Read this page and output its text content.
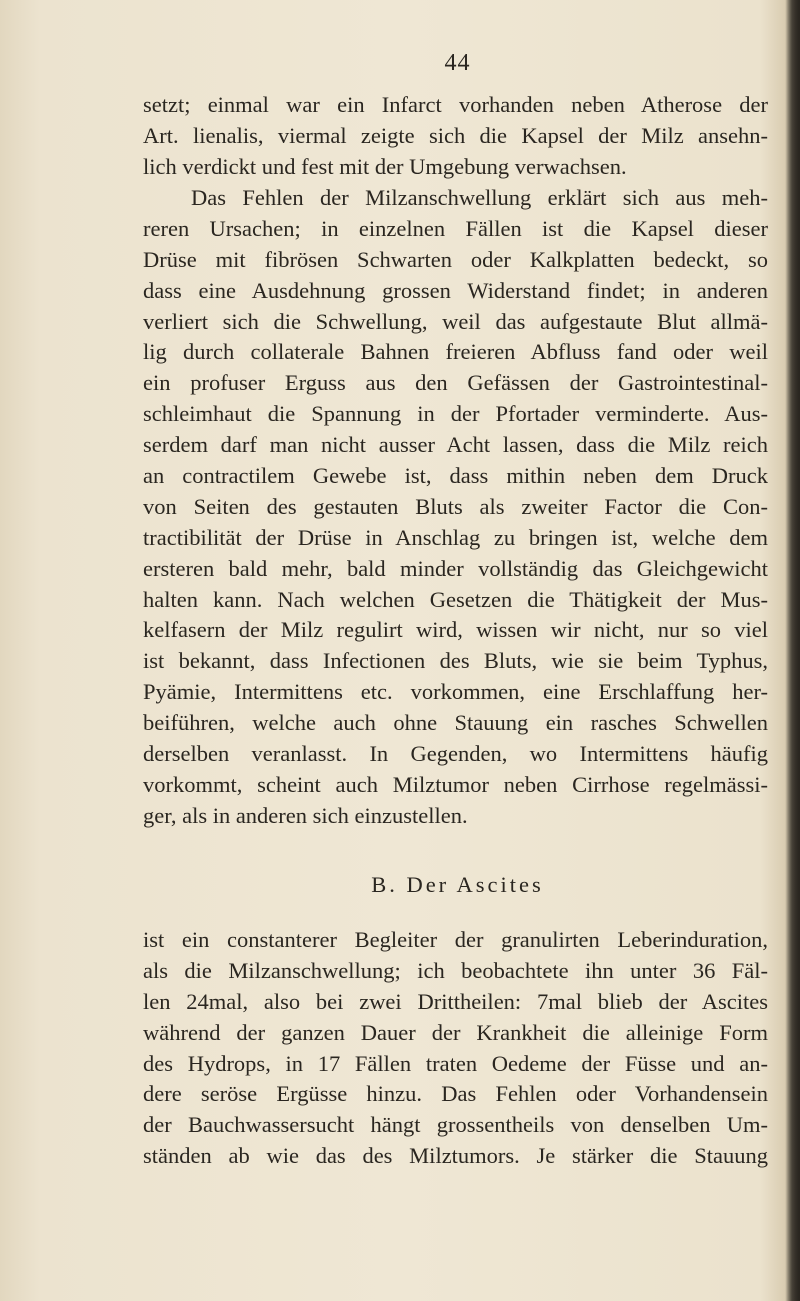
44
setzt; einmal war ein Infarct vorhanden neben Atherose der
Art. lienalis, viermal zeigte sich die Kapsel der Milz ansehn-
lich verdickt und fest mit der Umgebung verwachsen.
Das Fehlen der Milzanschwellung erklärt sich aus meh-
reren Ursachen; in einzelnen Fällen ist die Kapsel dieser
Drüse mit fibrösen Schwarten oder Kalkplatten bedeckt, so
dass eine Ausdehnung grossen Widerstand findet; in anderen
verliert sich die Schwellung, weil das aufgestaute Blut allmä-
lig durch collaterale Bahnen freieren Abfluss fand oder weil
ein profuser Erguss aus den Gefässen der Gastrointestinal-
schleimhaut die Spannung in der Pfortader verminderte. Aus-
serdem darf man nicht ausser Acht lassen, dass die Milz reich
an contractilem Gewebe ist, dass mithin neben dem Druck
von Seiten des gestauten Bluts als zweiter Factor die Con-
tractibilität der Drüse in Anschlag zu bringen ist, welche dem
ersteren bald mehr, bald minder vollständig das Gleichgewicht
halten kann. Nach welchen Gesetzen die Thätigkeit der Mus-
kelfasern der Milz regulirt wird, wissen wir nicht, nur so viel
ist bekannt, dass Infectionen des Bluts, wie sie beim Typhus,
Pyämie, Intermittens etc. vorkommen, eine Erschlaffung her-
beiführen, welche auch ohne Stauung ein rasches Schwellen
derselben veranlasst. In Gegenden, wo Intermittens häufig
vorkommt, scheint auch Milztumor neben Cirrhose regelmässi-
ger, als in anderen sich einzustellen.
B. Der Ascites
ist ein constanterer Begleiter der granulirten Leberinduration,
als die Milzanschwellung; ich beobachtete ihn unter 36 Fäl-
len 24mal, also bei zwei Drittheilen: 7mal blieb der Ascites
während der ganzen Dauer der Krankheit die alleinige Form
des Hydrops, in 17 Fällen traten Oedeme der Füsse und an-
dere seröse Ergüsse hinzu. Das Fehlen oder Vorhandensein
der Bauchwassersucht hängt grossentheils von denselben Um-
ständen ab wie das des Milztumors. Je stärker die Stauung
